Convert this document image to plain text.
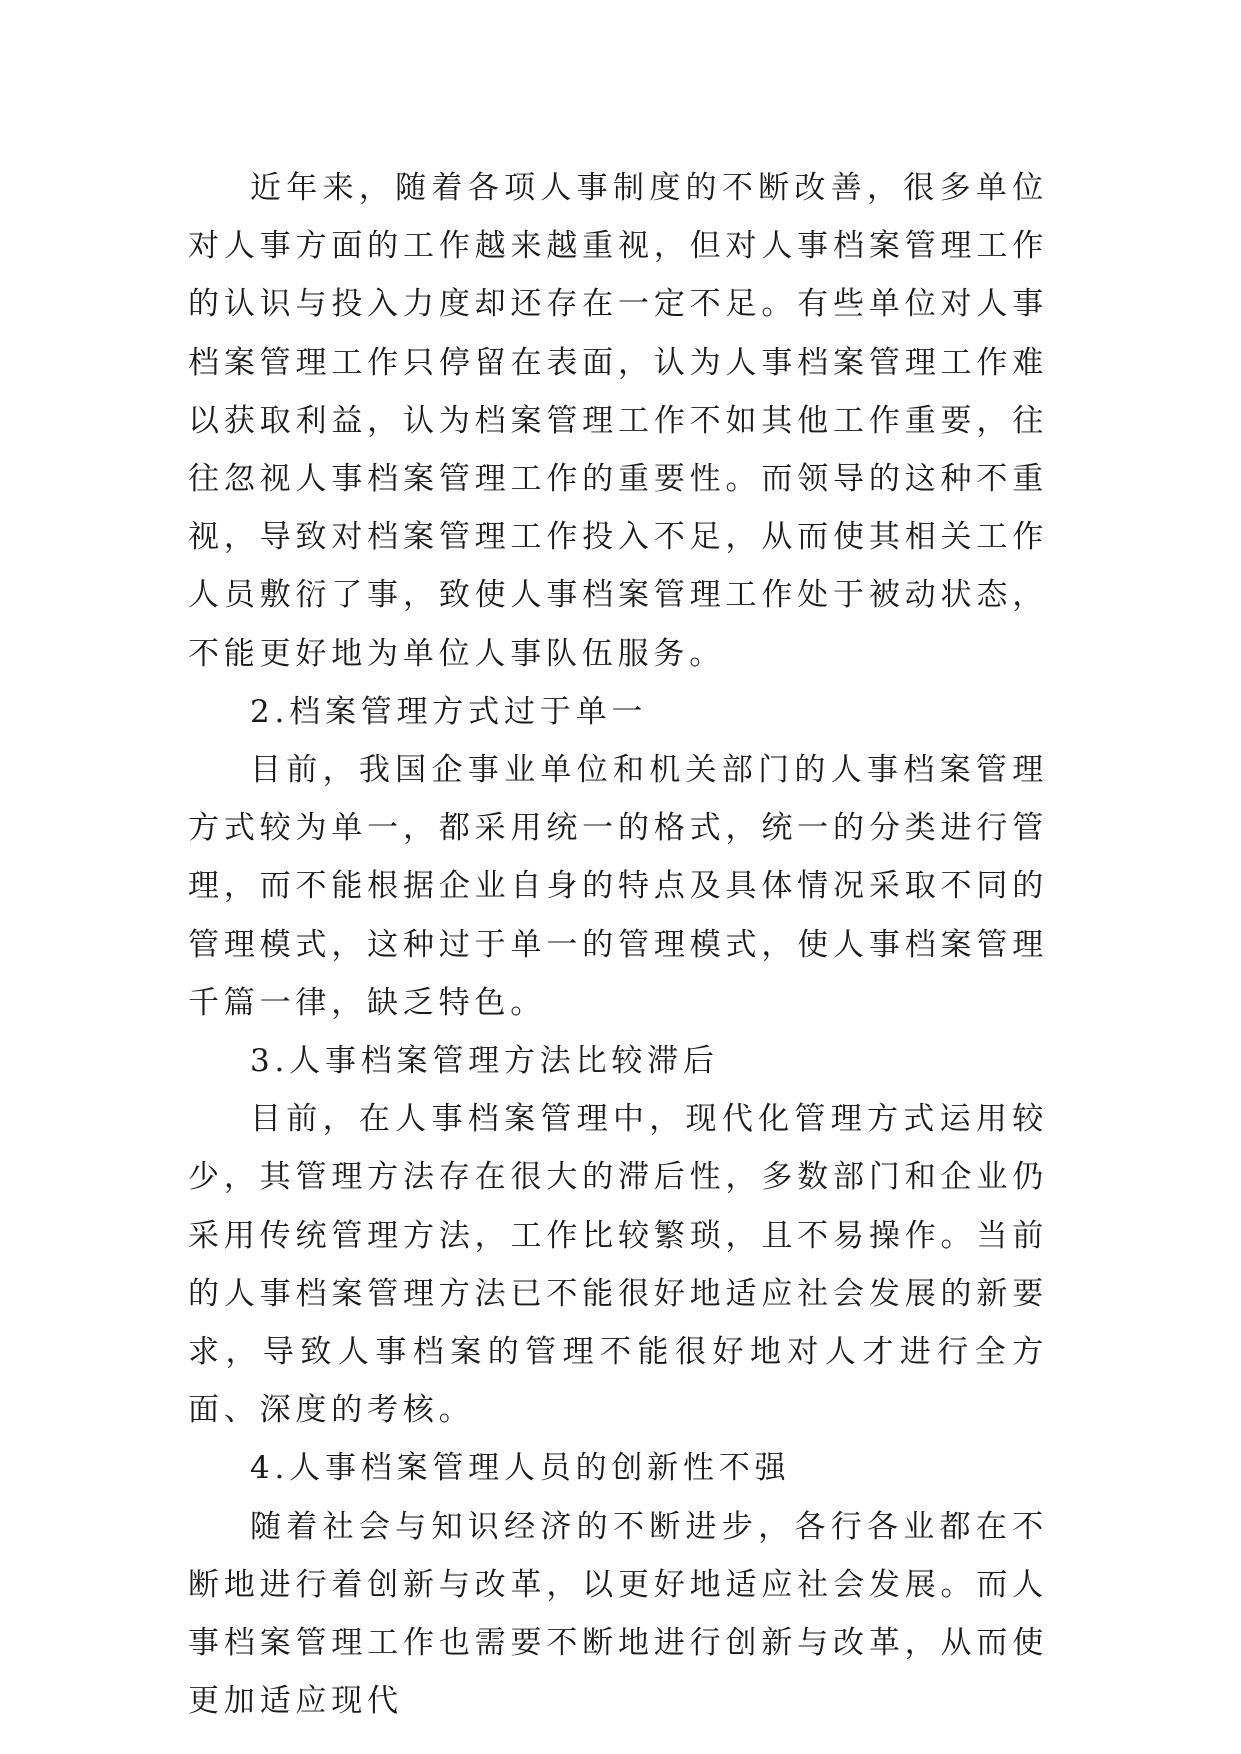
近年来，随着各项人事制度的不断改善，很多单位对人事方面的工作越来越重视，但对人事档案管理工作的认识与投入力度却还存在一定不足。有些单位对人事档案管理工作只停留在表面，认为人事档案管理工作难以获取利益，认为档案管理工作不如其他工作重要，往往忽视人事档案管理工作的重要性。而领导的这种不重视，导致对档案管理工作投入不足，从而使其相关工作人员敷衍了事，致使人事档案管理工作处于被动状态，不能更好地为单位人事队伍服务。

2.档案管理方式过于单一

目前，我国企事业单位和机关部门的人事档案管理方式较为单一，都采用统一的格式，统一的分类进行管理，而不能根据企业自身的特点及具体情况采取不同的管理模式，这种过于单一的管理模式，使人事档案管理千篇一律，缺乏特色。

3.人事档案管理方法比较滞后

目前，在人事档案管理中，现代化管理方式运用较少，其管理方法存在很大的滞后性，多数部门和企业仍采用传统管理方法，工作比较繁琐，且不易操作。当前的人事档案管理方法已不能很好地适应社会发展的新要求，导致人事档案的管理不能很好地对人才进行全方面、深度的考核。

4.人事档案管理人员的创新性不强

随着社会与知识经济的不断进步，各行各业都在不断地进行着创新与改革，以更好地适应社会发展。而人事档案管理工作也需要不断地进行创新与改革，从而使更加适应现代
